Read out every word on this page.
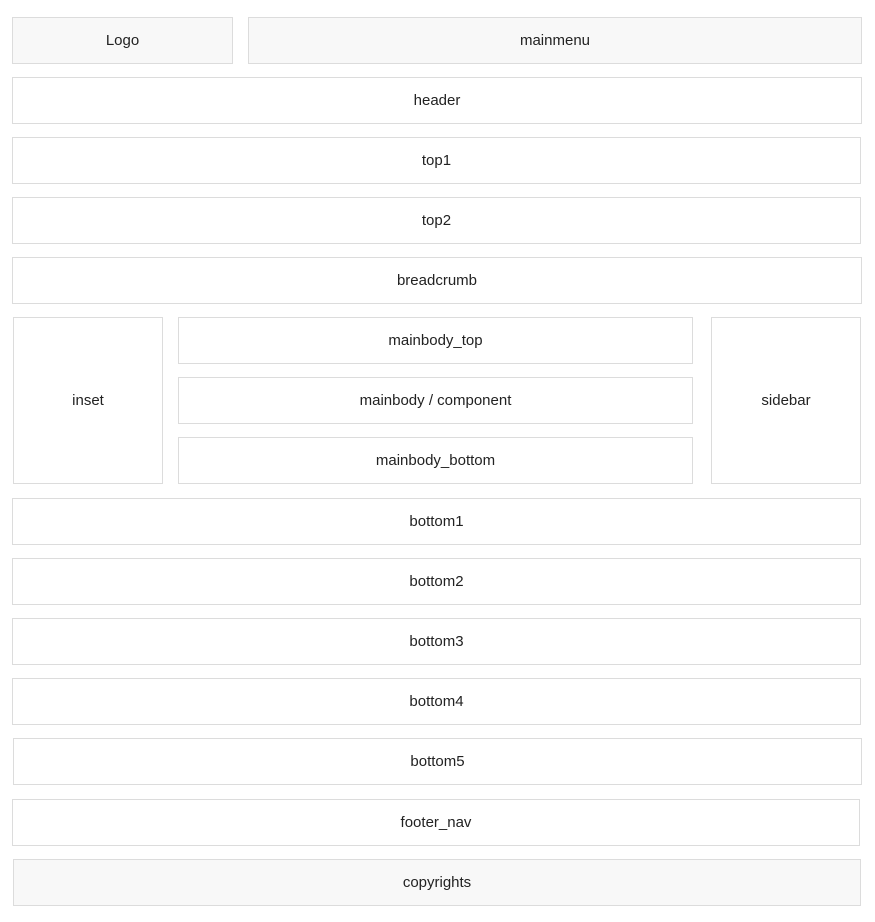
Logo	mainmenu
header
top1
top2
breadcrumb
inset
mainbody_top
mainbody / component
mainbody_bottom
sidebar
bottom1
bottom2
bottom3
bottom4
bottom5
footer_nav
copyrights
